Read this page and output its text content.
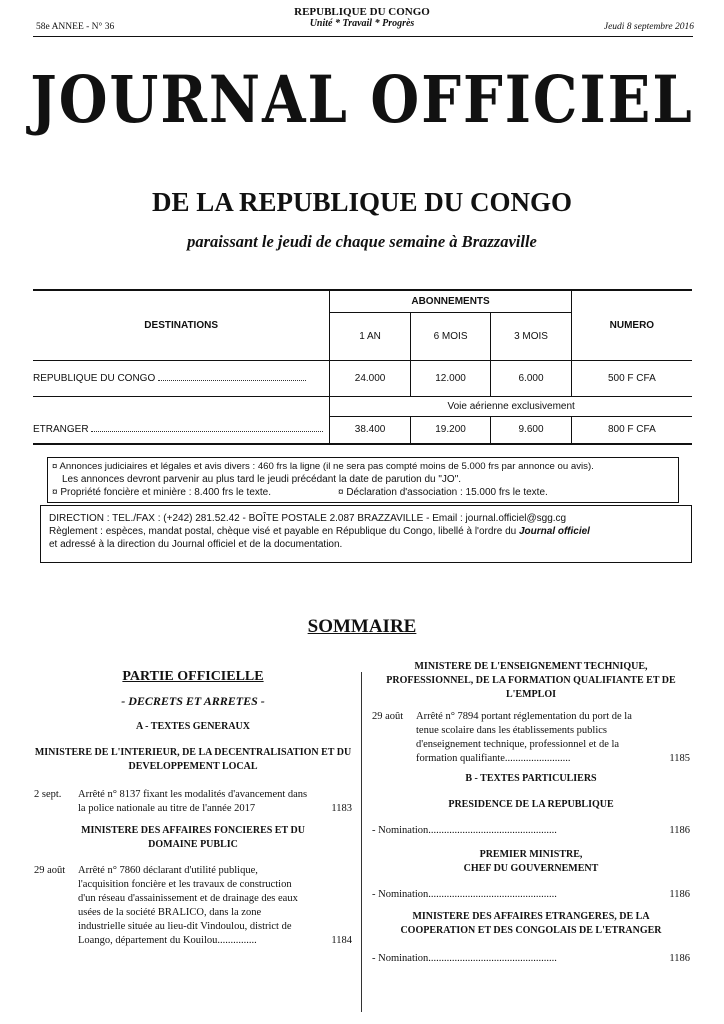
58e ANNEE - N° 36
REPUBLIQUE DU CONGO
Unité * Travail * Progrès	Jeudi 8 septembre 2016
JOURNAL OFFICIEL
DE LA REPUBLIQUE DU CONGO
paraissant le jeudi de chaque semaine à Brazzaville
DESTINATIONS	ABONNEMENTS			NUMERO
	1 AN	6 MOIS	3 MOIS	
REPUBLIQUE DU CONGO	24.000	12.000	6.000	500 F CFA
	Voie aérienne exclusivement			
ETRANGER	38.400	19.200	9.600	800 F CFA
¤ Annonces judiciaires et légales et avis divers : 460 frs la ligne (il ne sera pas compté moins de 5.000 frs par annonce ou avis).
Les annonces devront parvenir au plus tard le jeudi précédant la date de parution du "JO".
¤ Propriété foncière et minière : 8.400 frs le texte.	¤ Déclaration d'association : 15.000 frs le texte.
DIRECTION : TEL./FAX : (+242) 281.52.42 - BOÎTE POSTALE 2.087 BRAZZAVILLE - Email : journal.officiel@sgg.cg
Règlement : espèces, mandat postal, chèque visé et payable en République du Congo, libellé à l'ordre du Journal officiel
et adressé à la direction du Journal officiel et de la documentation.
SOMMAIRE
PARTIE OFFICIELLE
- DECRETS ET ARRETES -
A - TEXTES GENERAUX
MINISTERE DE L'INTERIEUR, DE LA DECENTRALISATION ET DU DEVELOPPEMENT LOCAL
2 sept. Arrêté n° 8137 fixant les modalités d'avancement dans la police nationale au titre de l'année 2017	1183
MINISTERE DES AFFAIRES FONCIERES ET DU DOMAINE PUBLIC
29 août Arrêté n° 7860 déclarant d'utilité publique, l'acquisition foncière et les travaux de construction d'un réseau d'assainissement et de drainage des eaux usées de la société BRALICO, dans la zone industrielle située au lieu-dit Vindoulou, district de Loango, département du Kouilou...............	1184
MINISTERE DE L'ENSEIGNEMENT TECHNIQUE, PROFESSIONNEL, DE LA FORMATION QUALIFIANTE ET DE L'EMPLOI
29 août Arrêté n° 7894 portant réglementation du port de la tenue scolaire dans les établissements publics d'enseignement technique, professionnel et de la formation qualifiante.........................	1185
B - TEXTES PARTICULIERS
PRESIDENCE DE LA REPUBLIQUE
- Nomination.................................................	1186
PREMIER MINISTRE,
CHEF DU GOUVERNEMENT
- Nomination.................................................	1186
MINISTERE DES AFFAIRES ETRANGERES, DE LA COOPERATION ET DES CONGOLAIS DE L'ETRANGER
- Nomination.................................................	1186
